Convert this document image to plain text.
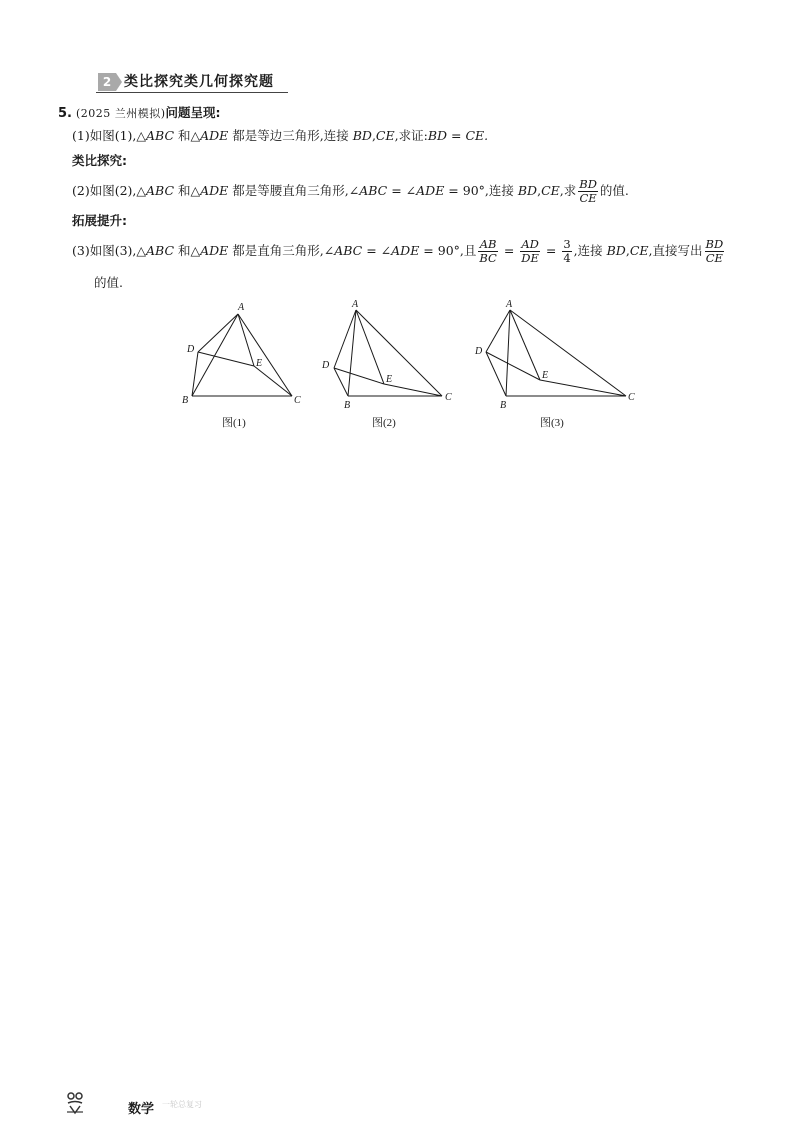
2 类比探究类几何探究题
5. (2025 兰州模拟)问题呈现:
(1)如图(1),△ABC 和△ADE 都是等边三角形,连接 BD,CE,求证:BD = CE.
类比探究:
(2)如图(2),△ABC 和△ADE 都是等腰直角三角形,∠ABC = ∠ADE = 90°,连接 BD,CE,求 $\frac{BD}{CE}$ 的值.
拓展提升:
(3)如图(3),△ABC 和△ADE 都是直角三角形,∠ABC = ∠ADE = 90°,且 $\frac{AB}{BC} = \frac{AD}{DE} = \frac{3}{4}$ ,连接 BD,CE,直接写出 $\frac{BD}{CE}$
的值.
A
B	C
D
E
图(1)
A
B
C
D
E
图(2)
A
B
C
D
E
图(3)
数学 一轮总复习
